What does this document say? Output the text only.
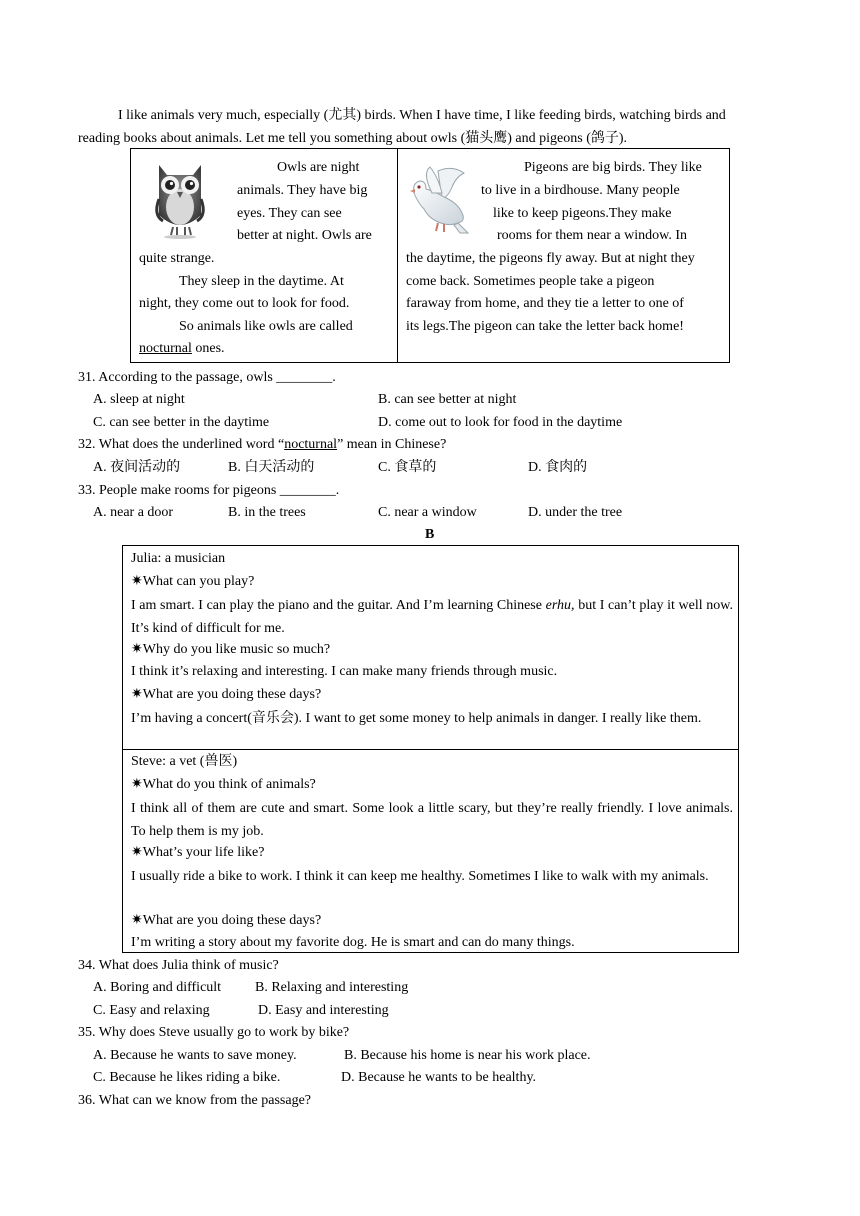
I like animals very much, especially (尤其) birds. When I have time, I like feeding birds, watching birds and
reading books about animals. Let me tell you something about owls (猫头鹰) and pigeons (鸽子).
Owls are night
animals. They have big
eyes. They can see
better at night. Owls are
quite strange.
They sleep in the daytime. At
night, they come out to look for food.
So animals like owls are called
nocturnal ones.
Pigeons are big birds. They like
to live in a birdhouse. Many people
like to keep pigeons.They make
rooms for them near a window. In
the daytime, the pigeons fly away. But at night they
come back. Sometimes people take a pigeon
faraway from home, and they tie a letter to one of
its legs.The pigeon can take the letter back home!
31. According to the passage, owls ________.
A. sleep at night	B. can see better at night
C. can see better in the daytime	D. come out to look for food in the daytime
32. What does the underlined word “nocturnal” mean in Chinese?
A. 夜间活动的	B. 白天活动的	C. 食草的	D. 食肉的
33. People make rooms for pigeons ________.
A. near a door	B. in the trees	C. near a window	D. under the tree
B
Julia: a musician
✷What can you play?
I am smart. I can play the piano and the guitar. And I’m learning Chinese erhu, but I can’t play it well now. It’s kind of difficult for me.
✷Why do you like music so much?
I think it’s relaxing and interesting. I can make many friends through music.
✷What are you doing these days?
I’m having a concert(音乐会). I want to get some money to help animals in danger. I really like them.
Steve: a vet (兽医)
✷What do you think of animals?
I think all of them are cute and smart. Some look a little scary, but they’re really friendly. I love animals. To help them is my job.
✷What’s your life like?
I usually ride a bike to work. I think it can keep me healthy. Sometimes I like to walk with my animals.
✷What are you doing these days?
I’m writing a story about my favorite dog. He is smart and can do many things.
34. What does Julia think of music?
A. Boring and difficult B. Relaxing and interesting
C. Easy and relaxing	D. Easy and interesting
35. Why does Steve usually go to work by bike?
A. Because he wants to save money.	B. Because his home is near his work place.
C. Because he likes riding a bike.	D. Because he wants to be healthy.
36. What can we know from the passage?
